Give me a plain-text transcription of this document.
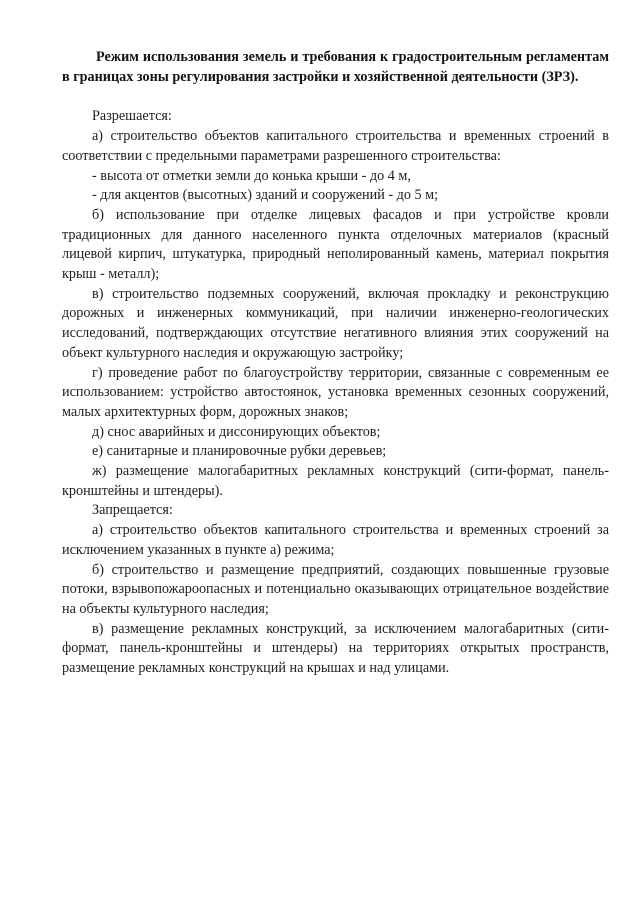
Режим использования земель и требования к градостроительным регламентам в границах зоны регулирования застройки и хозяйственной деятельности (ЗРЗ).

Разрешается:

а) строительство объектов капитального строительства и временных строений в соответствии с предельными параметрами разрешенного строительства:

- высота от отметки земли до конька крыши - до 4 м,

- для акцентов (высотных) зданий и сооружений - до 5 м;

б) использование при отделке лицевых фасадов и при устройстве кровли традиционных для данного населенного пункта отделочных материалов (красный лицевой кирпич, штукатурка, природный неполированный камень, материал покрытия крыш - металл);

в) строительство подземных сооружений, включая прокладку и реконструкцию дорожных и инженерных коммуникаций, при наличии инженерно-геологических исследований, подтверждающих отсутствие негативного влияния этих сооружений на объект культурного наследия и окружающую застройку;

г) проведение работ по благоустройству территории, связанные с современным ее использованием: устройство автостоянок, установка временных сезонных сооружений, малых архитектурных форм, дорожных знаков;

д) снос аварийных и диссонирующих объектов;

е) санитарные и планировочные рубки деревьев;

ж) размещение малогабаритных рекламных конструкций (сити-формат, панель-кронштейны и штендеры).

Запрещается:

а) строительство объектов капитального строительства и временных строений за исключением указанных в пункте а) режима;

б) строительство и размещение предприятий, создающих повышенные грузовые потоки, взрывопожароопасных и потенциально оказывающих отрицательное воздействие на объекты культурного наследия;

в) размещение рекламных конструкций, за исключением малогабаритных (сити-формат, панель-кронштейны и штендеры) на территориях открытых пространств, размещение рекламных конструкций на крышах и над улицами.
